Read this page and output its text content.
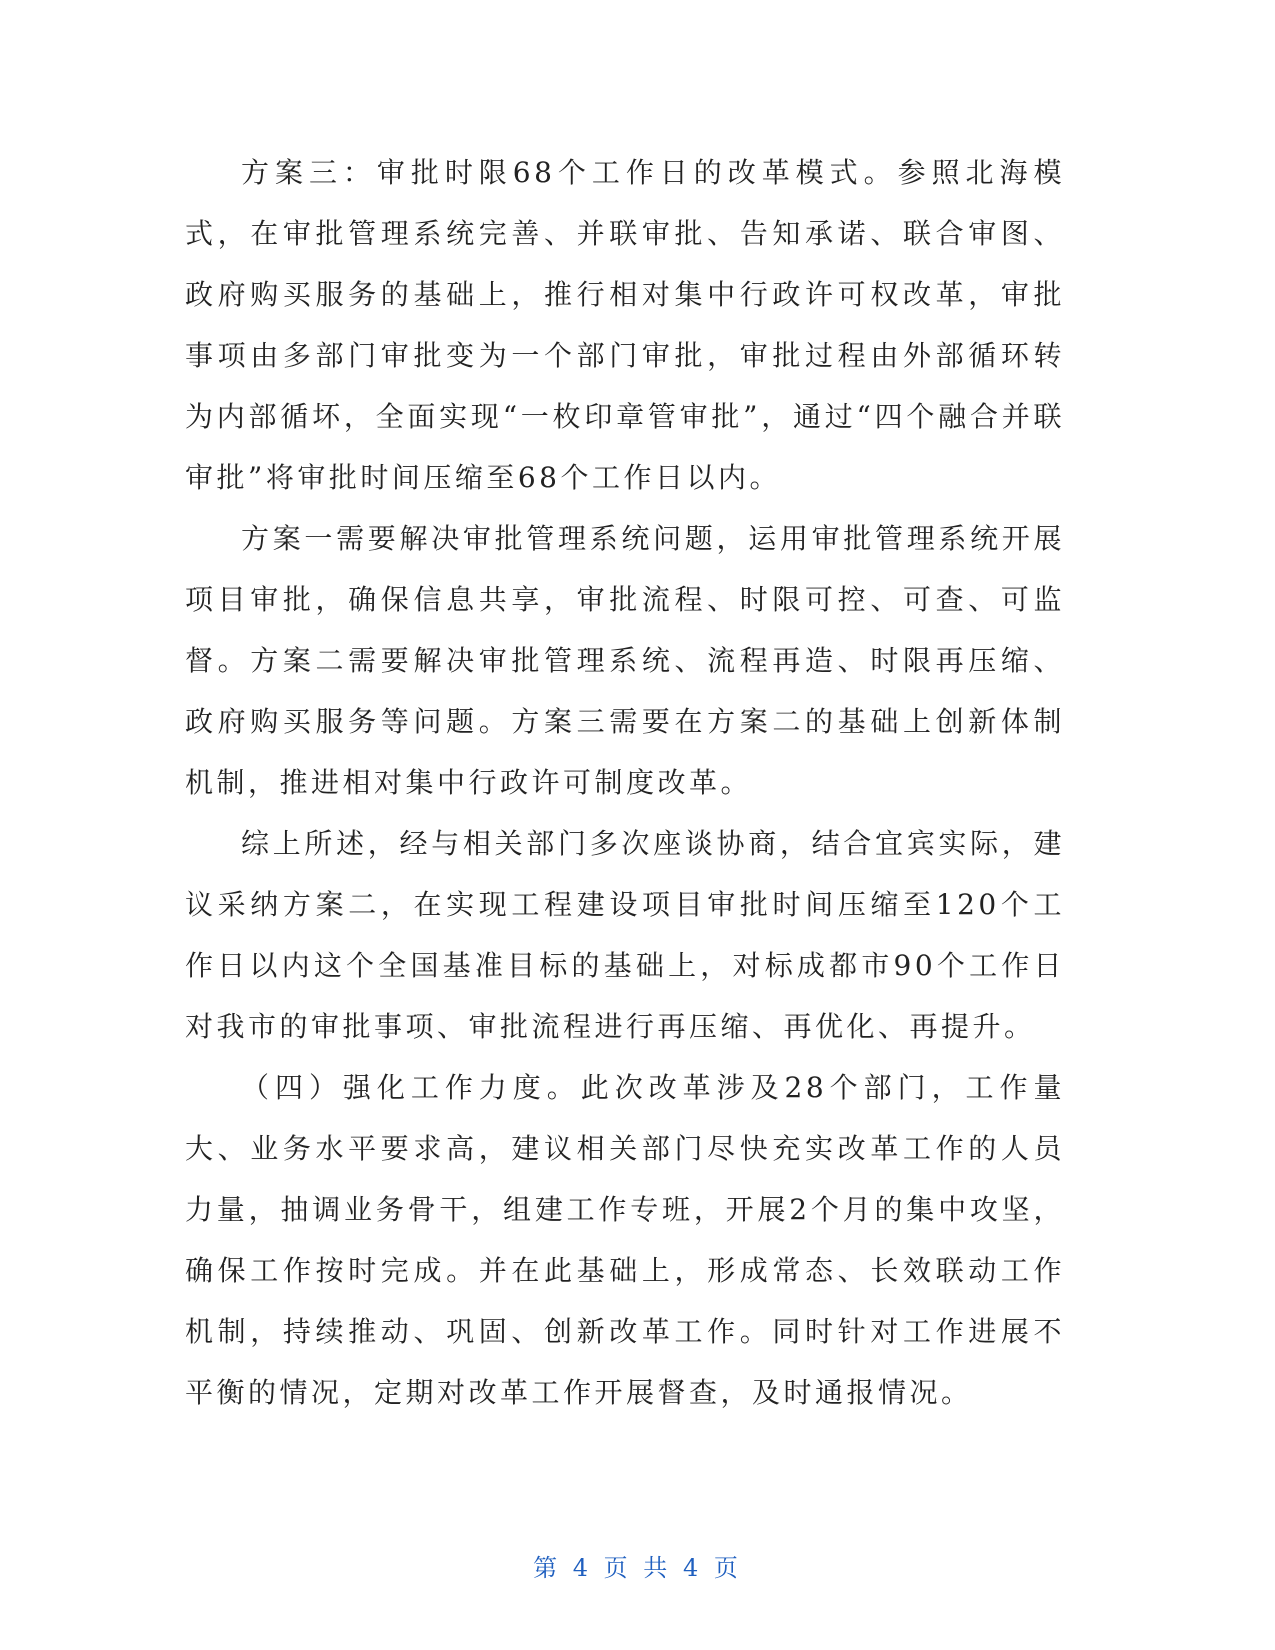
方案三：审批时限68个工作日的改革模式。参照北海模式，在审批管理系统完善、并联审批、告知承诺、联合审图、政府购买服务的基础上，推行相对集中行政许可权改革，审批事项由多部门审批变为一个部门审批，审批过程由外部循环转为内部循坏，全面实现“一枚印章管审批”，通过“四个融合并联审批”将审批时间压缩至68个工作日以内。

方案一需要解决审批管理系统问题，运用审批管理系统开展项目审批，确保信息共享，审批流程、时限可控、可查、可监督。方案二需要解决审批管理系统、流程再造、时限再压缩、政府购买服务等问题。方案三需要在方案二的基础上创新体制机制，推进相对集中行政许可制度改革。

综上所述，经与相关部门多次座谈协商，结合宜宾实际，建议采纳方案二，在实现工程建设项目审批时间压缩至120个工作日以内这个全国基准目标的基础上，对标成都市90个工作日对我市的审批事项、审批流程进行再压缩、再优化、再提升。

（四）强化工作力度。此次改革涉及28个部门，工作量大、业务水平要求高，建议相关部门尽快充实改革工作的人员力量，抽调业务骨干，组建工作专班，开展2个月的集中攻坚，确保工作按时完成。并在此基础上，形成常态、长效联动工作机制，持续推动、巩固、创新改革工作。同时针对工作进展不平衡的情况，定期对改革工作开展督查，及时通报情况。

第 4 页 共 4 页
